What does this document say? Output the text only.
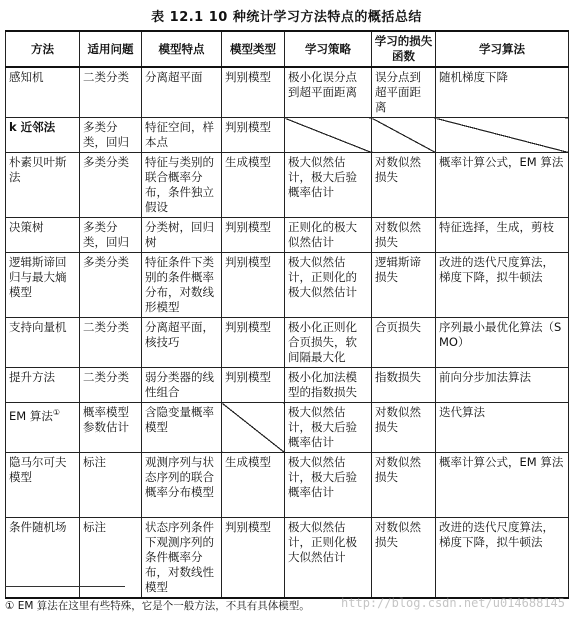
表 12.1 10 种统计学习方法特点的概括总结
方法	适用问题	模型特点	模型类型	学习策略	学习的损失函数	学习算法
感知机	二类分类	分离超平面	判别模型	极小化误分点到超平面距离	误分点到超平面距离	随机梯度下降
k 近邻法	多类分类，回归	特征空间，样本点	判别模型			
朴素贝叶斯法	多类分类	特征与类别的联合概率分布，条件独立假设	生成模型	极大似然估计，极大后验概率估计	对数似然损失	概率计算公式，EM 算法
决策树	多类分类，回归	分类树，回归树	判别模型	正则化的极大似然估计	对数似然损失	特征选择，生成，剪枝
逻辑斯谛回归与最大熵模型	多类分类	特征条件下类别的条件概率分布，对数线形模型	判别模型	极大似然估计，正则化的极大似然估计	逻辑斯谛损失	改进的迭代尺度算法，梯度下降，拟牛顿法
支持向量机	二类分类	分离超平面，核技巧	判别模型	极小化正则化合页损失，软间隔最大化	合页损失	序列最小最优化算法（SMO）
提升方法	二类分类	弱分类器的线性组合	判别模型	极小化加法模型的指数损失	指数损失	前向分步加法算法
EM 算法①	概率模型参数估计	含隐变量概率模型		极大似然估计，极大后验概率估计	对数似然损失	迭代算法
隐马尔可夫模型	标注	观测序列与状态序列的联合概率分布模型	生成模型	极大似然估计，极大后验概率估计	对数似然损失	概率计算公式，EM 算法
条件随机场	标注	状态序列条件下观测序列的条件概率分布，对数线性模型	判别模型	极大似然估计，正则化极大似然估计	对数似然损失	改进的迭代尺度算法，梯度下降，拟牛顿法
① EM 算法在这里有些特殊，它是个一般方法，不具有具体模型。	http://blog.csdn.net/u014688145
